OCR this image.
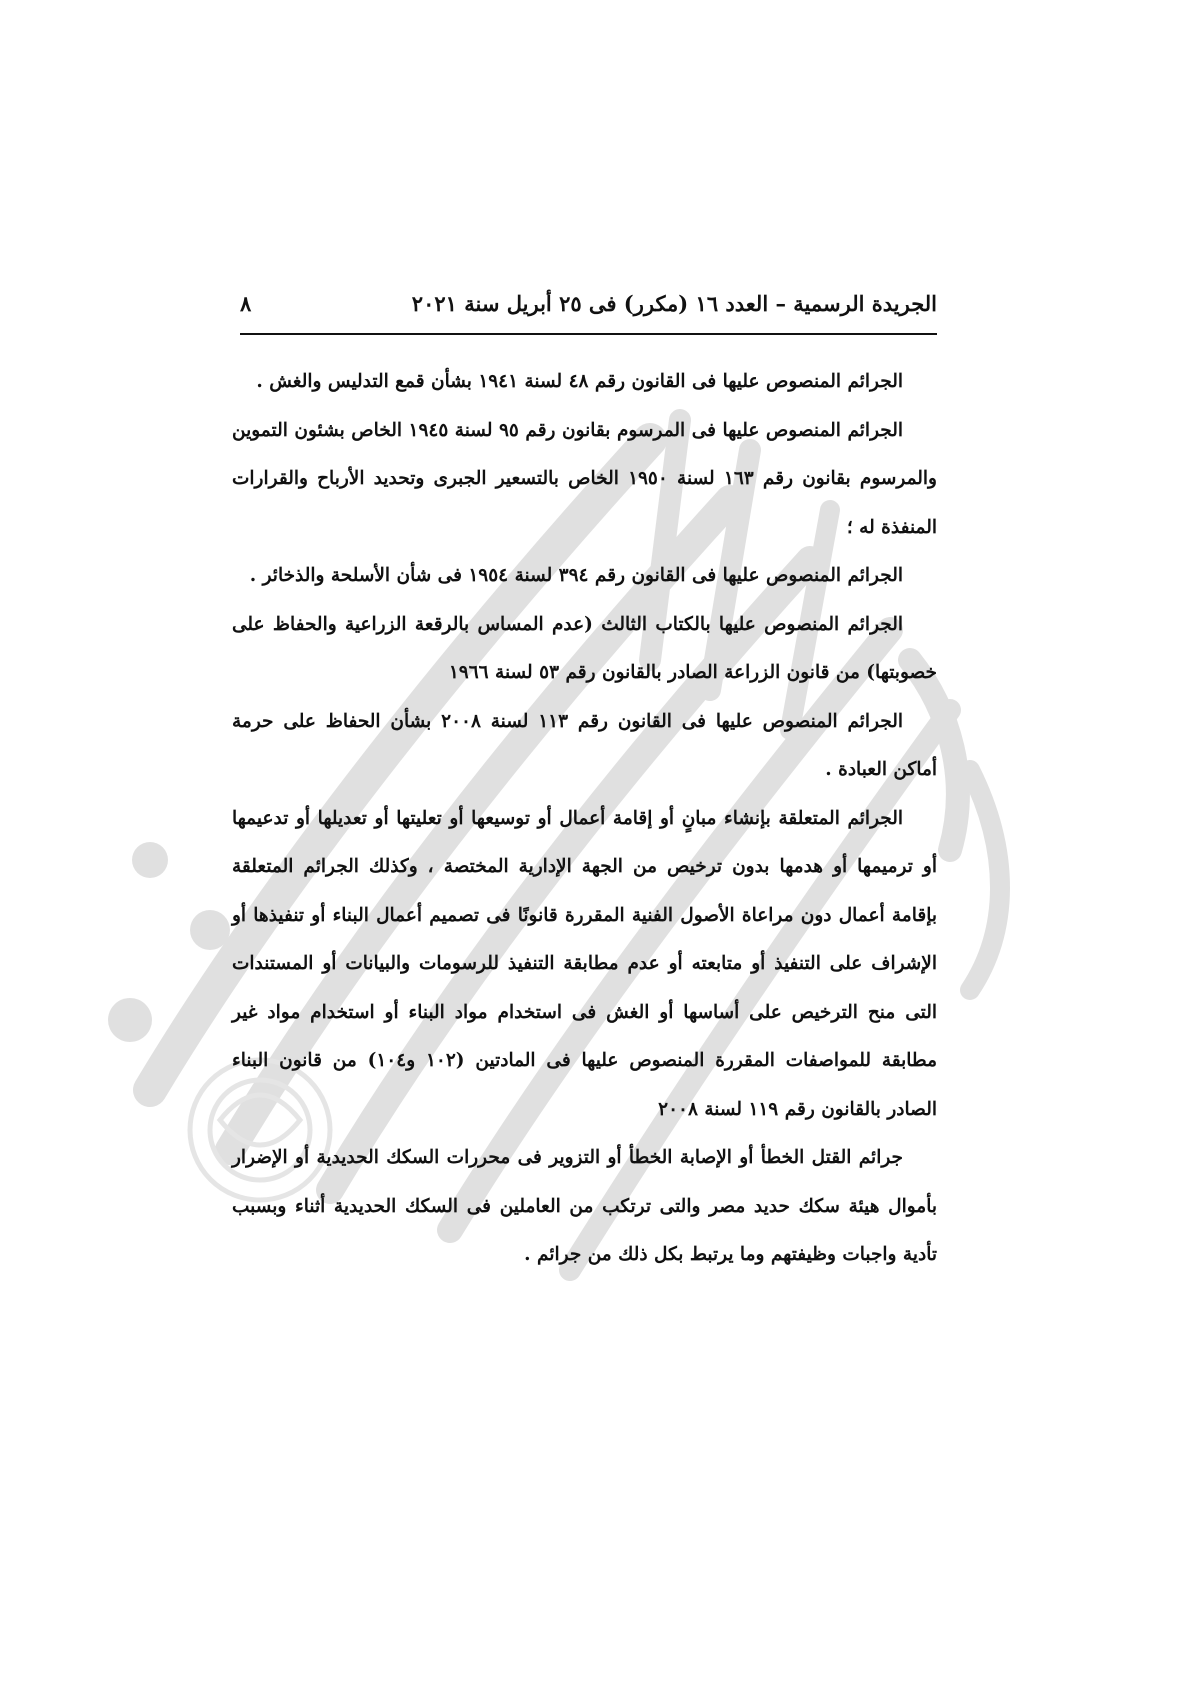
الجريدة الرسمية – العدد ١٦ (مكرر) فى ٢٥ أبريل سنة ٢٠٢١
٨

الجرائم المنصوص عليها فى القانون رقم ٤٨ لسنة ١٩٤١ بشأن قمع التدليس والغش .

الجرائم المنصوص عليها فى المرسوم بقانون رقم ٩٥ لسنة ١٩٤٥ الخاص بشئون التموين والمرسوم بقانون رقم ١٦٣ لسنة ١٩٥٠ الخاص بالتسعير الجبرى وتحديد الأرباح والقرارات المنفذة له ؛

الجرائم المنصوص عليها فى القانون رقم ٣٩٤ لسنة ١٩٥٤ فى شأن الأسلحة والذخائر .

الجرائم المنصوص عليها بالكتاب الثالث (عدم المساس بالرقعة الزراعية والحفاظ على خصوبتها) من قانون الزراعة الصادر بالقانون رقم ٥٣ لسنة ١٩٦٦

الجرائم المنصوص عليها فى القانون رقم ١١٣ لسنة ٢٠٠٨ بشأن الحفاظ على حرمة أماكن العبادة .

الجرائم المتعلقة بإنشاء مبانٍ أو إقامة أعمال أو توسيعها أو تعليتها أو تعديلها أو تدعيمها أو ترميمها أو هدمها بدون ترخيص من الجهة الإدارية المختصة ، وكذلك الجرائم المتعلقة بإقامة أعمال دون مراعاة الأصول الفنية المقررة قانونًا فى تصميم أعمال البناء أو تنفيذها أو الإشراف على التنفيذ أو متابعته أو عدم مطابقة التنفيذ للرسومات والبيانات أو المستندات التى منح الترخيص على أساسها أو الغش فى استخدام مواد البناء أو استخدام مواد غير مطابقة للمواصفات المقررة المنصوص عليها فى المادتين (١٠٢ و١٠٤) من قانون البناء الصادر بالقانون رقم ١١٩ لسنة ٢٠٠٨

جرائم القتل الخطأ أو الإصابة الخطأ أو التزوير فى محررات السكك الحديدية أو الإضرار بأموال هيئة سكك حديد مصر والتى ترتكب من العاملين فى السكك الحديدية أثناء وبسبب تأدية واجبات وظيفتهم وما يرتبط بكل ذلك من جرائم .
